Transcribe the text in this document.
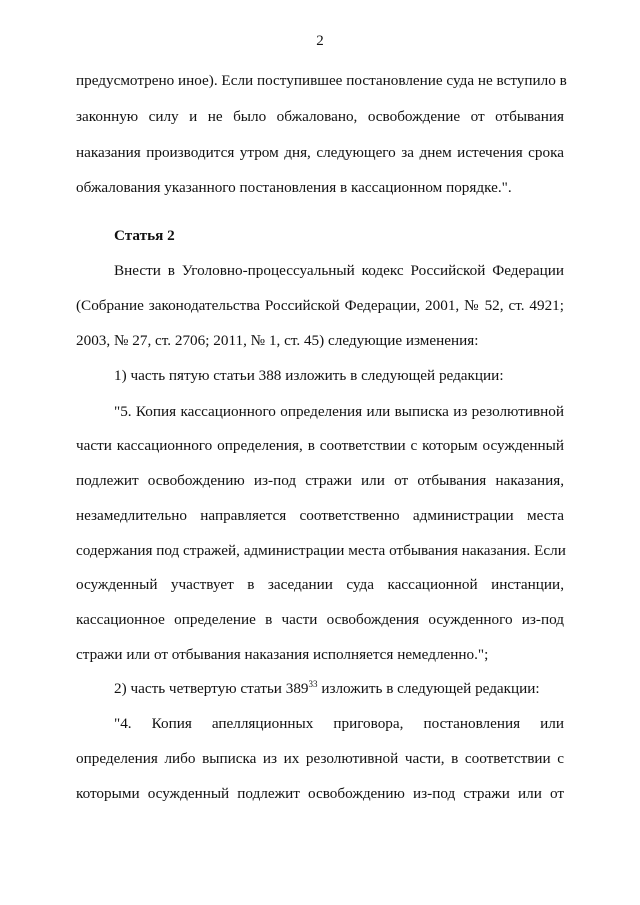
2
предусмотрено иное). Если поступившее постановление суда не вступило в
законную силу и не было обжаловано, освобождение от отбывания
наказания производится утром дня, следующего за днем истечения срока
обжалования указанного постановления в кассационном порядке.".
Статья 2
Внести в Уголовно-процессуальный кодекс Российской Федерации
(Собрание законодательства Российской Федерации, 2001, № 52, ст. 4921;
2003, № 27, ст. 2706; 2011, № 1, ст. 45) следующие изменения:
1) часть пятую статьи 388 изложить в следующей редакции:
"5. Копия кассационного определения или выписка из резолютивной
части кассационного определения, в соответствии с которым осужденный
подлежит освобождению из-под стражи или от отбывания наказания,
незамедлительно направляется соответственно администрации места
содержания под стражей, администрации места отбывания наказания. Если
осужденный участвует в заседании суда кассационной инстанции,
кассационное определение в части освобождения осужденного из-под
стражи или от отбывания наказания исполняется немедленно.";
2) часть четвертую статьи $389^{33}$ изложить в следующей редакции:
"4. Копия апелляционных приговора, постановления или
определения либо выписка из их резолютивной части, в соответствии с
которыми осужденный подлежит освобождению из-под стражи или от
